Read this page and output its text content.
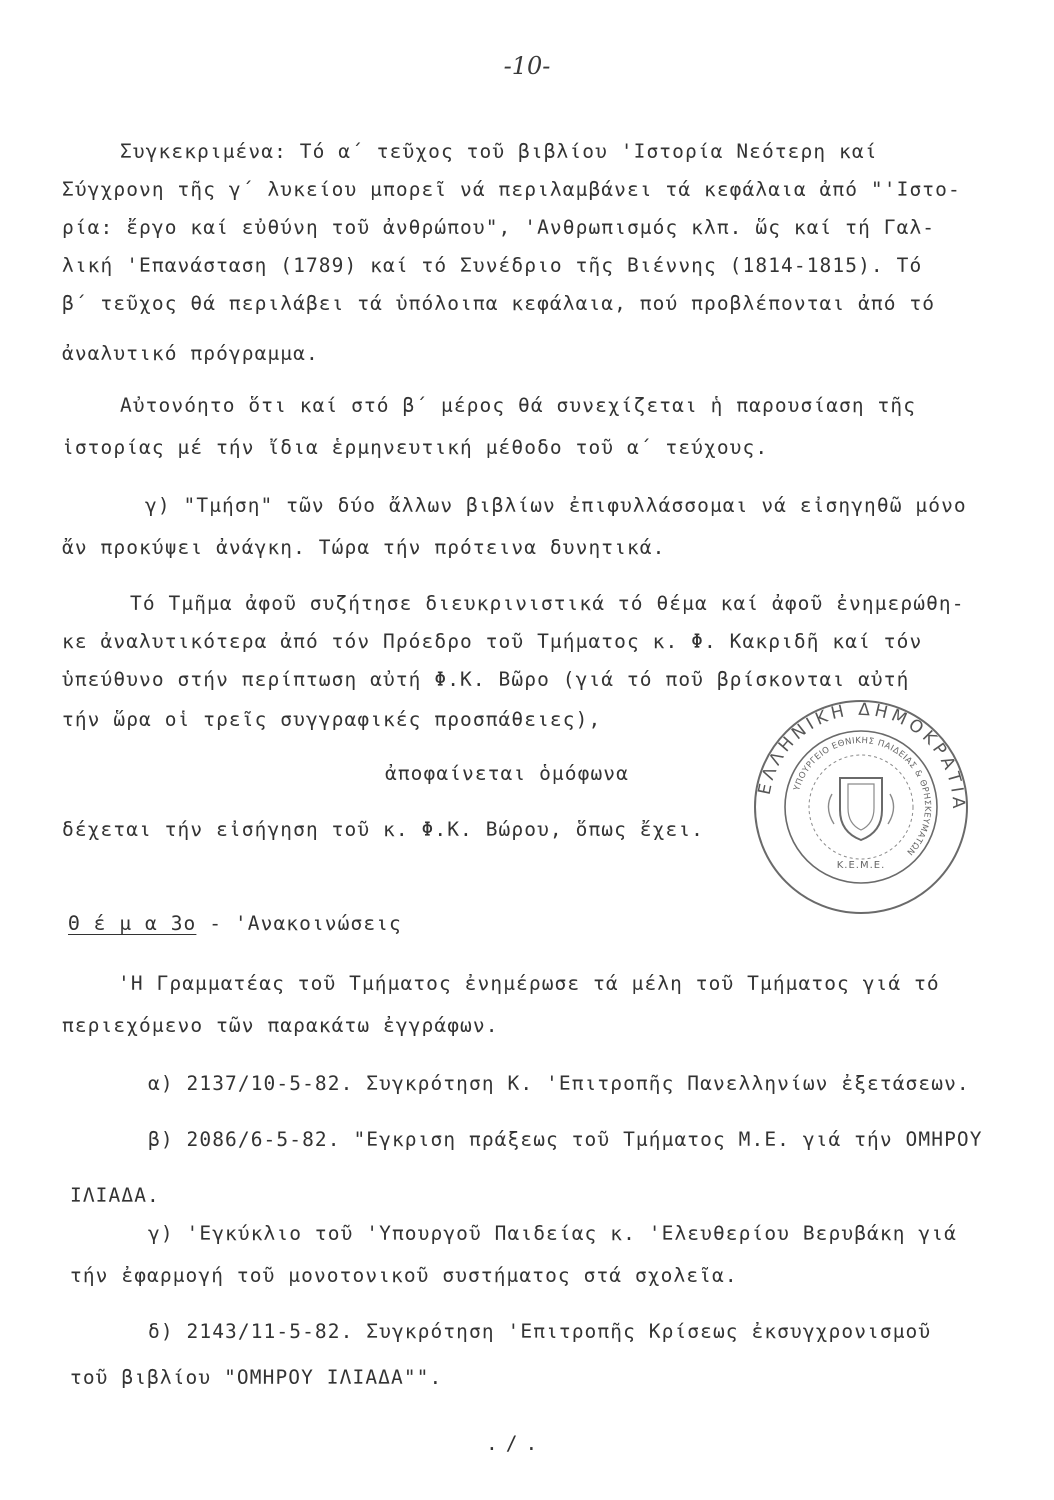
-10-
Συγκεκριμένα: Τό α΄ τεῦχος τοῦ βιβλίου 'Ιστορία Νεότερη καί
Σύγχρονη τῆς γ΄ λυκείου μπορεῖ νά περιλαμβάνει τά κεφάλαια ἀπό "'Ιστο-
ρία: ἔργο καί εὐθύνη τοῦ ἀνθρώπου", 'Ανθρωπισμός κλπ. ὥς καί τή Γαλ-
λική 'Επανάσταση (1789) καί τό Συνέδριο τῆς Βιέννης (1814-1815). Τό
β΄ τεῦχος θά περιλάβει τά ὑπόλοιπα κεφάλαια, πού προβλέπονται ἀπό τό
ἀναλυτικό πρόγραμμα.
Αὐτονόητο ὅτι καί στό β΄ μέρος θά συνεχίζεται ἡ παρουσίαση τῆς
ἱστορίας μέ τήν ἴδια ἑρμηνευτική μέθοδο τοῦ α΄ τεύχους.
γ) "Τμήση" τῶν δύο ἄλλων βιβλίων ἐπιφυλλάσσομαι νά εἰσηγηθῶ μόνο
ἄν προκύψει ἀνάγκη. Τώρα τήν πρότεινα δυνητικά.
Τό Τμῆμα ἀφοῦ συζήτησε διευκρινιστικά τό θέμα καί ἀφοῦ ἐνημερώθη-
κε ἀναλυτικότερα ἀπό τόν Πρόεδρο τοῦ Τμήματος κ. Φ. Κακριδῆ καί τόν
ὑπεύθυνο στήν περίπτωση αὐτή Φ.Κ. Βῶρο (γιά τό ποῦ βρίσκονται αὐτή
τήν ὥρα οἱ τρεῖς συγγραφικές προσπάθειες),
ἀποφαίνεται ὁμόφωνα
δέχεται τήν εἰσήγηση τοῦ κ. Φ.Κ. Βώρου, ὅπως ἔχει.
ΕΛΛΗΝΙΚΗ ΔΗΜΟΚΡΑΤΙΑ
ΥΠΟΥΡΓΕΙΟ ΕΘΝΙΚΗΣ ΠΑΙΔΕΙΑΣ & ΘΡΗΣΚΕΥΜΑΤΩΝ
Κ.Ε.Μ.Ε.
Θ έ μ α 3ο - 'Ανακοινώσεις
'Η Γραμματέας τοῦ Τμήματος ἐνημέρωσε τά μέλη τοῦ Τμήματος γιά τό
περιεχόμενο τῶν παρακάτω ἐγγράφων.
α) 2137/10-5-82. Συγκρότηση Κ. 'Επιτροπῆς Πανελληνίων ἐξετάσεων.
β) 2086/6-5-82. "Εγκριση πράξεως τοῦ Τμήματος Μ.Ε. γιά τήν ΟΜΗΡΟΥ
ΙΛΙΑΔΑ.
γ) 'Εγκύκλιο τοῦ 'Υπουργοῦ Παιδείας κ. 'Ελευθερίου Βερυβάκη γιά
τήν ἐφαρμογή τοῦ μονοτονικοῦ συστήματος στά σχολεῖα.
δ) 2143/11-5-82. Συγκρότηση 'Επιτροπῆς Κρίσεως ἐκσυγχρονισμοῦ
τοῦ βιβλίου "ΟΜΗΡΟΥ ΙΛΙΑΔΑ"".
./.
